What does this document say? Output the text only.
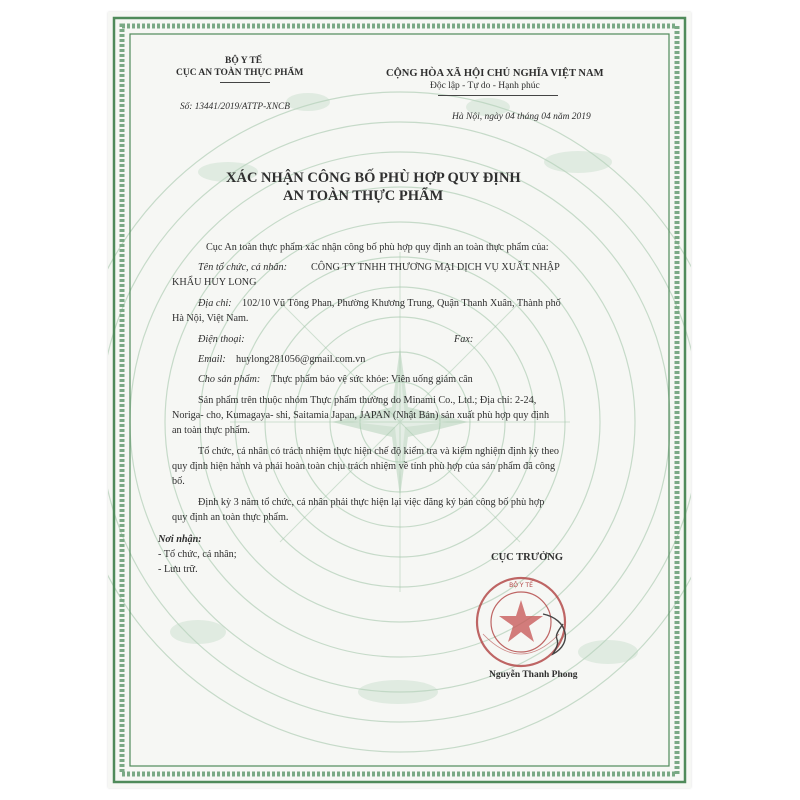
BỘ Y TẾ
CỤC AN TOÀN THỰC PHẨM
Số: 13441/2019/ATTP-XNCB
CỘNG HÒA XÃ HỘI CHỦ NGHĨA VIỆT NAM
Độc lập - Tự do - Hạnh phúc
Hà Nội, ngày 04 tháng 04 năm 2019
XÁC NHẬN CÔNG BỐ PHÙ HỢP QUY ĐỊNH
AN TOÀN THỰC PHẨM
Cục An toàn thực phẩm xác nhận công bố phù hợp quy định an toàn thực phẩm của:
Tên tổ chức, cá nhân: CÔNG TY TNHH THƯƠNG MẠI DỊCH VỤ XUẤT NHẬP
KHẨU HUY LONG
Địa chỉ: 102/10 Vũ Tông Phan, Phường Khương Trung, Quận Thanh Xuân, Thành phố
Hà Nội, Việt Nam.
Điện thoại:	Fax:
Email: huylong281056@gmail.com.vn
Cho sản phẩm: Thực phẩm bảo vệ sức khỏe: Viên uống giảm cân
Sản phẩm trên thuộc nhóm Thực phẩm thường do Minami Co., Ltd.; Địa chỉ: 2-24,
Noriga- cho, Kumagaya- shi, Saitamia Japan, JAPAN (Nhật Bản) sản xuất phù hợp quy định
an toàn thực phẩm.
Tổ chức, cá nhân có trách nhiệm thực hiện chế độ kiểm tra và kiểm nghiệm định kỳ theo
quy định hiện hành và phải hoàn toàn chịu trách nhiệm về tính phù hợp của sản phẩm đã công
bố.
Định kỳ 3 năm tổ chức, cá nhân phải thực hiện lại việc đăng ký bản công bố phù hợp
quy định an toàn thực phẩm.
Nơi nhận:
- Tổ chức, cá nhân;
- Lưu trữ.
CỤC TRƯỞNG
BỘ Y TẾ
Nguyễn Thanh Phong
